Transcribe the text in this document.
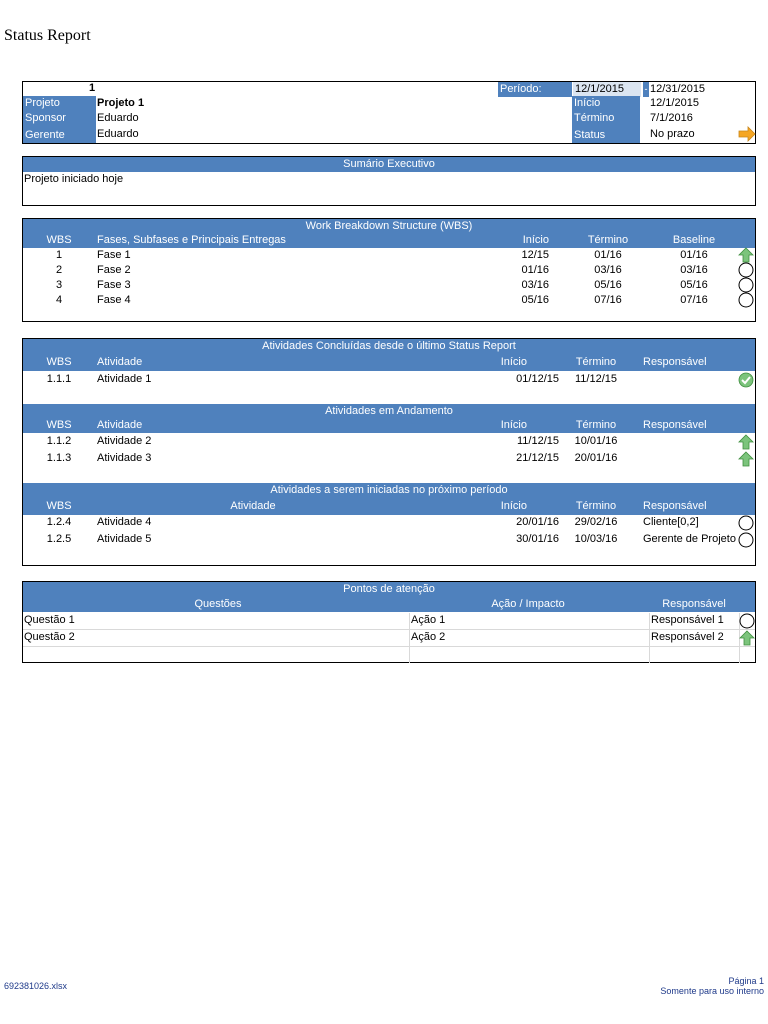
Status Report
1	Período:	12/1/2015	- 12/31/2015
Projeto	Projeto 1
Sponsor	Eduardo
Gerente	Eduardo
Início	12/1/2015
Término	7/1/2016
Status	No prazo
Sumário Executivo
Projeto iniciado hoje
Work Breakdown Structure (WBS)
WBS	Fases, Subfases e Principais Entregas	Início	Término	Baseline
1	Fase 1	12/15	01/16	01/16
2	Fase 2	01/16	03/16	03/16
3	Fase 3	03/16	05/16	05/16
4	Fase 4	05/16	07/16	07/16
Atividades Concluídas desde o último Status Report
WBS	Atividade	Início	Término	Responsável
1.1.1	Atividade 1	01/12/15	11/12/15
Atividades em Andamento
WBS	Atividade	Início	Término	Responsável
1.1.2	Atividade 2	11/12/15	10/01/16
1.1.3	Atividade 3	21/12/15	20/01/16
Atividades a serem iniciadas no próximo período
WBS	Atividade	Início	Término	Responsável
1.2.4	Atividade 4	20/01/16	29/02/16	Cliente[0,2]
1.2.5	Atividade 5	30/01/16	10/03/16	Gerente de Projeto
Pontos de atenção
Questões	Ação / Impacto	Responsável
Questão 1	Ação 1	Responsável 1
Questão 2	Ação 2	Responsável 2
692381026.xlsx	Página 1
Somente para uso interno
